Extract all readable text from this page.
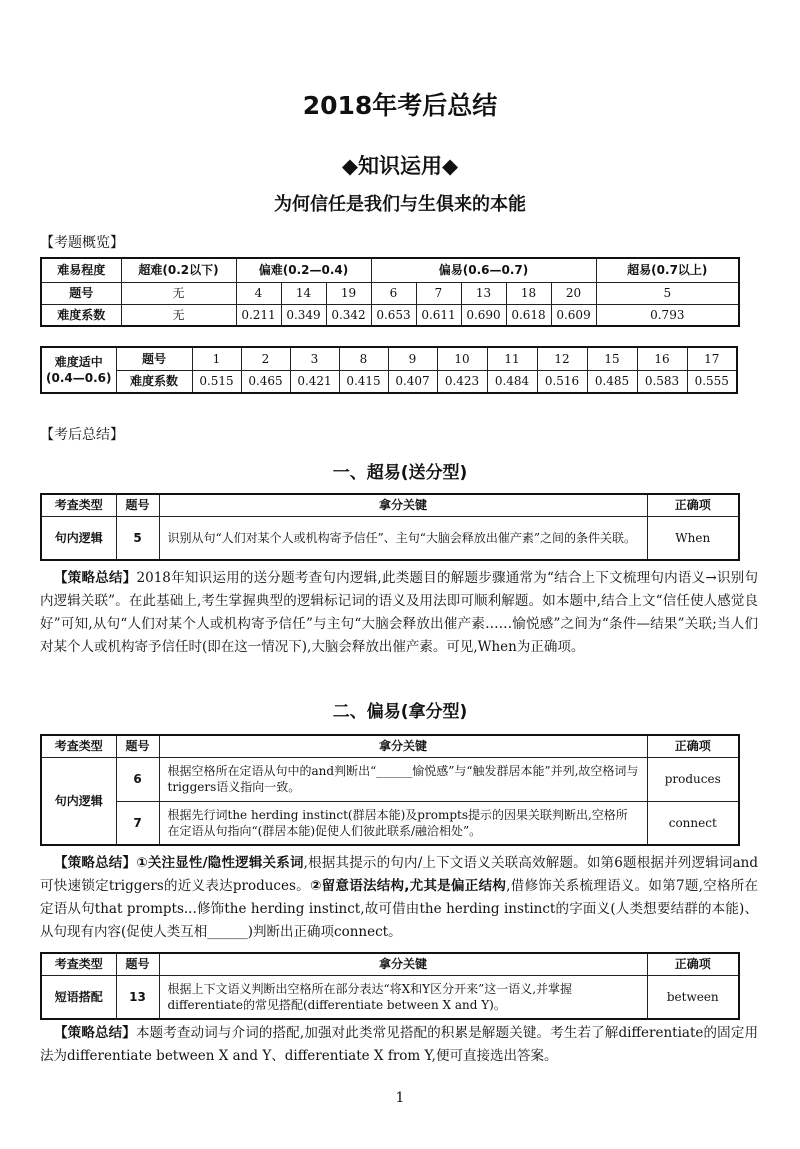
2018年考后总结
◆知识运用◆
为何信任是我们与生俱来的本能
【考题概览】
难易程度	超难(0.2以下)	偏难(0.2—0.4)			偏易(0.6—0.7)					超易(0.7以上)
题号	无	4	14	19	6	7	13	18	20	5
难度系数	无	0.211	0.349	0.342	0.653	0.611	0.690	0.618	0.609	0.793
难度适中
(0.4—0.6)	题号	1	2	3	8	9	10	11	12	15	16	17
	难度系数	0.515	0.465	0.421	0.415	0.407	0.423	0.484	0.516	0.485	0.583	0.555
【考后总结】
一、超易(送分型)
考查类型	题号	拿分关键	正确项
句内逻辑	5	识别从句“人们对某个人或机构寄予信任”、主句“大脑会释放出催产素”之间的条件关联。	When
【策略总结】2018年知识运用的送分题考查句内逻辑,此类题目的解题步骤通常为“结合上下文梳理句内语义→识别句内逻辑关联”。在此基础上,考生掌握典型的逻辑标记词的语义及用法即可顺利解题。如本题中,结合上文“信任使人感觉良好”可知,从句“人们对某个人或机构寄予信任”与主句“大脑会释放出催产素……愉悦感”之间为“条件—结果”关联;当人们对某个人或机构寄予信任时(即在这一情况下),大脑会释放出催产素。可见,When为正确项。
二、偏易(拿分型)
考查类型	题号	拿分关键	正确项
句内逻辑	6	根据空格所在定语从句中的and判断出“______愉悦感”与“触发群居本能”并列,故空格词与triggers语义指向一致。	produces
	7	根据先行词the herding instinct(群居本能)及prompts提示的因果关联判断出,空格所在定语从句指向“(群居本能)促使人们彼此联系/融洽相处”。	connect
【策略总结】①关注显性/隐性逻辑关系词,根据其提示的句内/上下文语义关联高效解题。如第6题根据并列逻辑词and可快速锁定triggers的近义表达produces。②留意语法结构,尤其是偏正结构,借修饰关系梳理语义。如第7题,空格所在定语从句that prompts...修饰the herding instinct,故可借由the herding instinct的字面义(人类想要结群的本能)、从句现有内容(促使人类互相______)判断出正确项connect。
考查类型	题号	拿分关键	正确项
短语搭配	13	根据上下文语义判断出空格所在部分表达“将X和Y区分开来”这一语义,并掌握differentiate的常见搭配(differentiate between X and Y)。	between
【策略总结】本题考查动词与介词的搭配,加强对此类常见搭配的积累是解题关键。考生若了解differentiate的固定用法为differentiate between X and Y、differentiate X from Y,便可直接选出答案。
1
